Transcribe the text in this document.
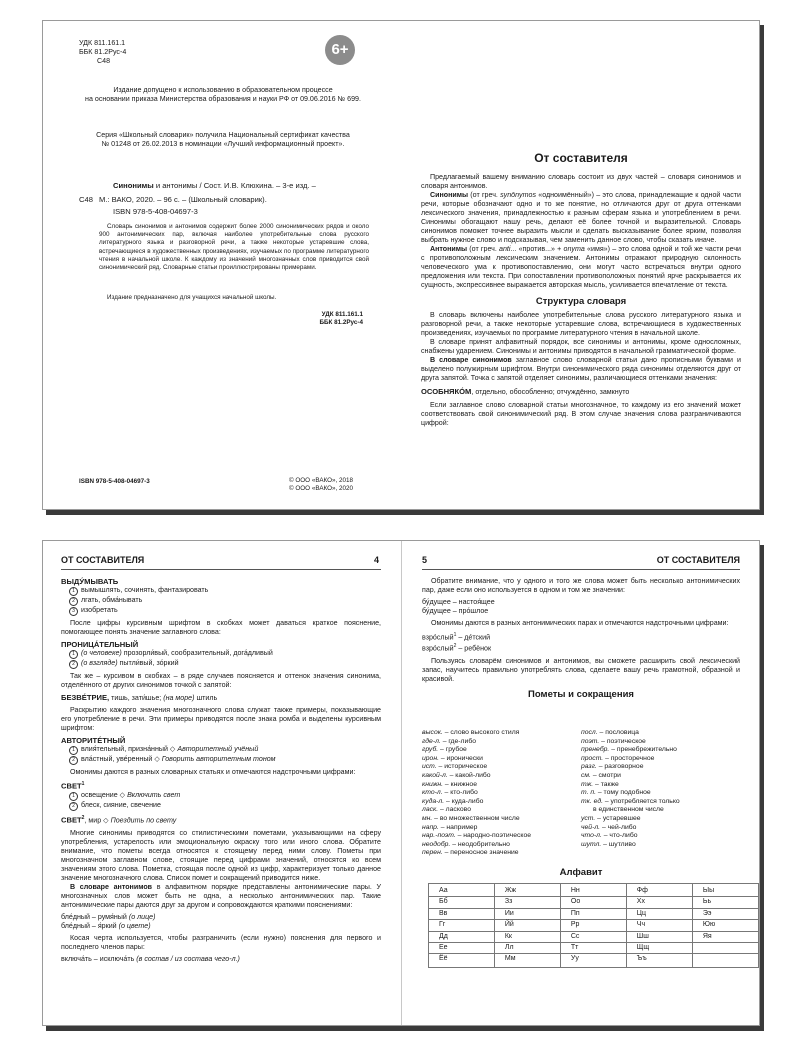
УДК 811.161.1
ББК 81.2Рус-4
С48
6+
Издание допущено к использованию в образовательном процессе
на основании приказа Министерства образования и науки РФ от 09.06.2016 № 699.
Серия «Школьный словарик» получила Национальный сертификат качества
№ 01248 от 26.02.2013 в номинации «Лучший информационный проект».
Синонимы и антонимы / Сост. И.В. Клюхина. – 3-е изд. –
С48 М.: ВАКО, 2020. – 96 с. – (Школьный словарик).
ISBN 978-5-408-04697-3
Словарь синонимов и антонимов содержит более 2000 синонимических рядов и около 900 антонимических пар, включая наиболее употребительные слова русского литературного языка и разговорной речи, а также некоторые устаревшие слова, встречающиеся в художественных произведениях, изучаемых по программе литературного чтения в начальной школе. К каждому из значений многозначных слов приводится свой синонимический ряд. Словарные статьи проиллюстрированы примерами.
Издание предназначено для учащихся начальной школы.
УДК 811.161.1
ББК 81.2Рус-4
ISBN 978-5-408-04697-3	© ООО «ВАКО», 2018
© ООО «ВАКО», 2020
От составителя

Предлагаемый вашему вниманию словарь состоит из двух частей – словаря синонимов и словаря антонимов.

Синонимы (от греч. synōnymos «одноимённый») – это слова, принадлежащие к одной части речи, которые обозначают одно и то же понятие, но отличаются друг от друга оттенками лексического значения, принадлежностью к разным сферам языка и употреблением в речи. Синонимы обогащают нашу речь, делают её более точной и выразительной. Словарь синонимов поможет точнее выразить мысли и сделать высказывание более ярким, позволяя выбрать нужное слово и подсказывая, чем заменить данное слово, чтобы сказать иначе.

Антонимы (от греч. anti... «против...» + onyma «имя») – это слова одной и той же части речи с противоположным лексическим значением. Антонимы отражают природную склонность человеческого ума к противопоставлению, они могут часто встречаться внутри одного предложения или текста. При сопоставлении противоположных понятий ярче раскрывается их сущность, экспрессивнее выражается авторская мысль, усиливается впечатление от текста.

Структура словаря

В словарь включены наиболее употребительные слова русского литературного языка и разговорной речи, а также некоторые устаревшие слова, встречающиеся в художественных произведениях, изучаемых по программе литературного чтения в начальной школе.

В словаре принят алфавитный порядок, все синонимы и антонимы, кроме односложных, снабжены ударением. Синонимы и антонимы приводятся в начальной грамматической форме.

В словаре синонимов заглавное слово словарной статьи дано прописными буквами и выделено полужирным шрифтом. Внутри синонимического ряда синонимы отделяются друг от друга запятой. Точка с запятой отделяет синонимы, различающиеся оттенками значения:

ОСОБНЯКО́М, отдельно, обособленно; отчуждённо, замкнуто

Если заглавное слово словарной статьи многозначное, то каждому из его значений может соответствовать свой синонимический ряд. В этом случае значения слова разграничиваются цифрой:

ОТ СОСТАВИТЕЛЯ	4
ВЫДУ́МЫВАТЬ
1 вымышлять, сочинять, фантазировать
2 лгать, обма́нывать
3 изобретать

После цифры курсивным шрифтом в скобках может даваться краткое пояснение, помогающее понять значение заглавного слова:

ПРОНИЦА́ТЕЛЬНЫЙ
1 (о человеке) прозорли́вый, сообразительный, дога́дливый
2 (о взгляде) пытли́вый, зо́ркий

Так же – курсивом в скобках – в ряде случаев поясняется и оттенок значения синонима, отделённого от других синонимов точкой с запятой:

БЕЗВЕ́ТРИЕ, тишь, зати́шье; (на море) штиль

Раскрытию каждого значения многозначного слова служат также примеры, показывающие его употребление в речи. Эти примеры приводятся после знака ромба и выделены курсивным шрифтом:

АВТОРИТЕ́ТНЫЙ
1 влия́тельный, призна́нный ◇ Авторитетный учёный
2 вла́стный, уве́ренный ◇ Говорить авторитетным тоном

Омонимы даются в разных словарных статьях и отмечаются надстрочными цифрами:

СВЕТ$^1$
1 освещение ◇ Включить свет
2 блеск, сияние, свечение
СВЕТ$^2$, мир ◇ Поездить по свету

Многие синонимы приводятся со стилистическими пометами, указывающими на сферу употребления, устарелость или эмоциональную окраску того или иного слова. Обратите внимание, что пометы всегда относятся к стоящему перед ними слову. Пометы при многозначном заглавном слове, стоящие перед цифрами значений, относятся ко всем значениям этого слова. Пометка, стоящая после одной из цифр, характеризует только данное значение многозначного слова. Список помет и сокращений приводится ниже.

В словаре антонимов в алфавитном порядке представлены антонимические пары. У многозначных слов может быть не одна, а несколько антонимических пар. Такие антонимические пары даются друг за другом и сопровождаются краткими пояснениями:

бле́дный – румя́ный (о лице)
бле́дный – я́ркий (о цвете)

Косая черта используется, чтобы разграничить (если нужно) пояснения для первого и последнего членов пары:

включа́ть – исключа́ть (в состав / из состава чего-л.)
5	ОТ СОСТАВИТЕЛЯ

Обратите внимание, что у одного и того же слова может быть несколько антонимических пар, даже если оно используется в одном и том же значении:

бу́дущее – настоя́щее
бу́дущее – про́шлое

Омонимы даются в разных антонимических парах и отмечаются надстрочными цифрами:

взро́слый$^1$ – де́тский
взро́слый$^2$ – ребёнок

Пользуясь словарём синонимов и антонимов, вы сможете расширить свой лексический запас, научитесь правильно употреблять слова, сделаете вашу речь грамотной, образной и красивой.

Пометы и сокращения
высок. – слово высокого стиля
где-л. – где-либо
груб. – грубое
ирон. – иронически
ист. – историческое
какой-л. – какой-либо
книжн. – книжное
кто-л. – кто-либо
куда-л. – куда-либо
ласк. – ласково
мн. – во множественном числе
напр. – например
нар.-поэт. – народно-поэтическое
неодобр. – неодобрительно
перен. – переносное значение
посл. – пословица
поэт. – поэтическое
пренебр. – пренебрежительно
прост. – просторечное
разг. – разговорное
см. – смотри
тж. – также
т. п. – тому подобное
тк. ед. – употребляется только
в единственном числе
уст. – устаревшее
чей-л. – чей-либо
что-л. – что-либо
шутл. – шутливо
Алфавит
Аа	Жж	Нн	Фф	Ыы
Бб	Зз	Оо	Хх	Ьь
Вв	Ии	Пп	Цц	Ээ
Гг	Йй	Рр	Чч	Юю
Дд	Кк	Сс	Шш	Яя
Ее	Лл	Тт	Щщ	
Ёё	Мм	Уу	Ъъ	
